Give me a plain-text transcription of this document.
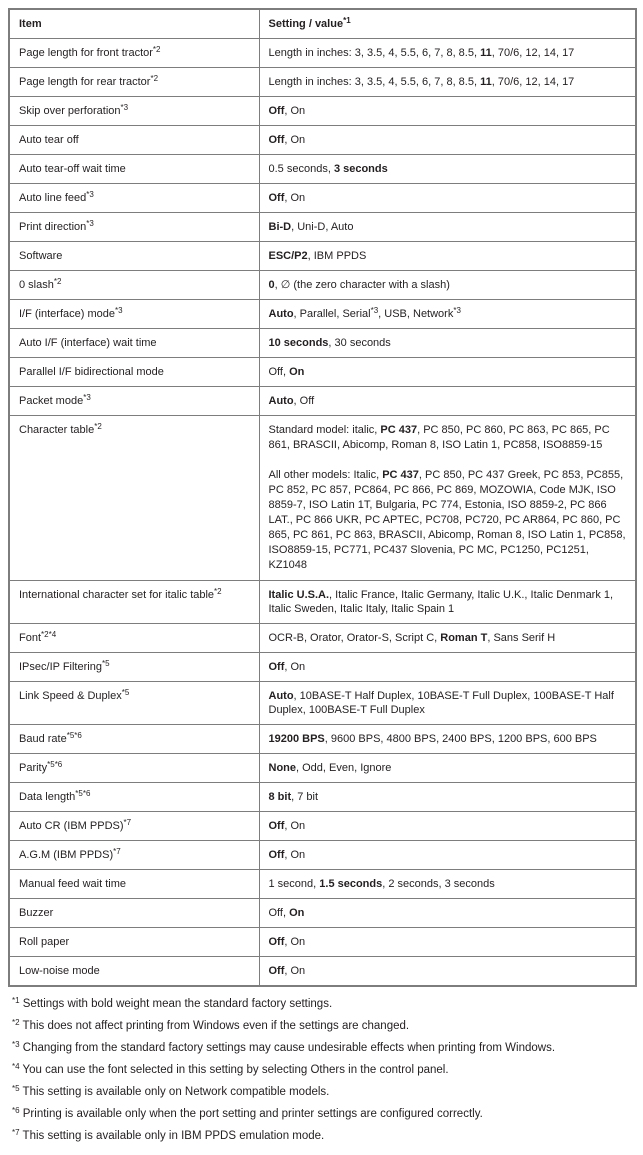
Item	Setting / value$^{*1}$
Page length for front tractor$^{*2}$	Length in inches: 3, 3.5, 4, 5.5, 6, 7, 8, 8.5, 11, 70/6, 12, 14, 17
Page length for rear tractor$^{*2}$	Length in inches: 3, 3.5, 4, 5.5, 6, 7, 8, 8.5, 11, 70/6, 12, 14, 17
Skip over perforation$^{*3}$	Off, On
Auto tear off	Off, On
Auto tear-off wait time	0.5 seconds, 3 seconds
Auto line feed$^{*3}$	Off, On
Print direction$^{*3}$	Bi-D, Uni-D, Auto
Software	ESC/P2, IBM PPDS
0 slash$^{*2}$	0, ∅ (the zero character with a slash)
I/F (interface) mode$^{*3}$	Auto, Parallel, Serial$^{*3}$, USB, Network$^{*3}$
Auto I/F (interface) wait time	10 seconds, 30 seconds
Parallel I/F bidirectional mode	Off, On
Packet mode$^{*3}$	Auto, Off
Character table$^{*2}$	Standard model: italic, PC 437, PC 850, PC 860, PC 863, PC 865, PC 861, BRASCII, Abicomp, Roman 8, ISO Latin 1, PC858, ISO8859-15

All other models: Italic, PC 437, PC 850, PC 437 Greek, PC 853, PC855, PC 852, PC 857, PC864, PC 866, PC 869, MOZOWIA, Code MJK, ISO 8859-7, ISO Latin 1T, Bulgaria, PC 774, Estonia, ISO 8859-2, PC 866 LAT., PC 866 UKR, PC APTEC, PC708, PC720, PC AR864, PC 860, PC 865, PC 861, PC 863, BRASCII, Abicomp, Roman 8, ISO Latin 1, PC858, ISO8859-15, PC771, PC437 Slovenia, PC MC, PC1250, PC1251, KZ1048

International character set for italic table$^{*2}$	Italic U.S.A., Italic France, Italic Germany, Italic U.K., Italic Denmark 1, Italic Sweden, Italic Italy, Italic Spain 1
Font$^{*2*4}$	OCR-B, Orator, Orator-S, Script C, Roman T, Sans Serif H
IPsec/IP Filtering$^{*5}$	Off, On
Link Speed & Duplex$^{*5}$	Auto, 10BASE-T Half Duplex, 10BASE-T Full Duplex, 100BASE-T Half Duplex, 100BASE-T Full Duplex
Baud rate$^{*5*6}$	19200 BPS, 9600 BPS, 4800 BPS, 2400 BPS, 1200 BPS, 600 BPS
Parity$^{*5*6}$	None, Odd, Even, Ignore
Data length$^{*5*6}$	8 bit, 7 bit
Auto CR (IBM PPDS)$^{*7}$	Off, On
A.G.M (IBM PPDS)$^{*7}$	Off, On
Manual feed wait time	1 second, 1.5 seconds, 2 seconds, 3 seconds
Buzzer	Off, On
Roll paper	Off, On
Low-noise mode	Off, On
$^{*1}$ Settings with bold weight mean the standard factory settings.
$^{*2}$ This does not affect printing from Windows even if the settings are changed.
$^{*3}$ Changing from the standard factory settings may cause undesirable effects when printing from Windows.
$^{*4}$ You can use the font selected in this setting by selecting Others in the control panel.
$^{*5}$ This setting is available only on Network compatible models.
$^{*6}$ Printing is available only when the port setting and printer settings are configured correctly.
$^{*7}$ This setting is available only in IBM PPDS emulation mode.
